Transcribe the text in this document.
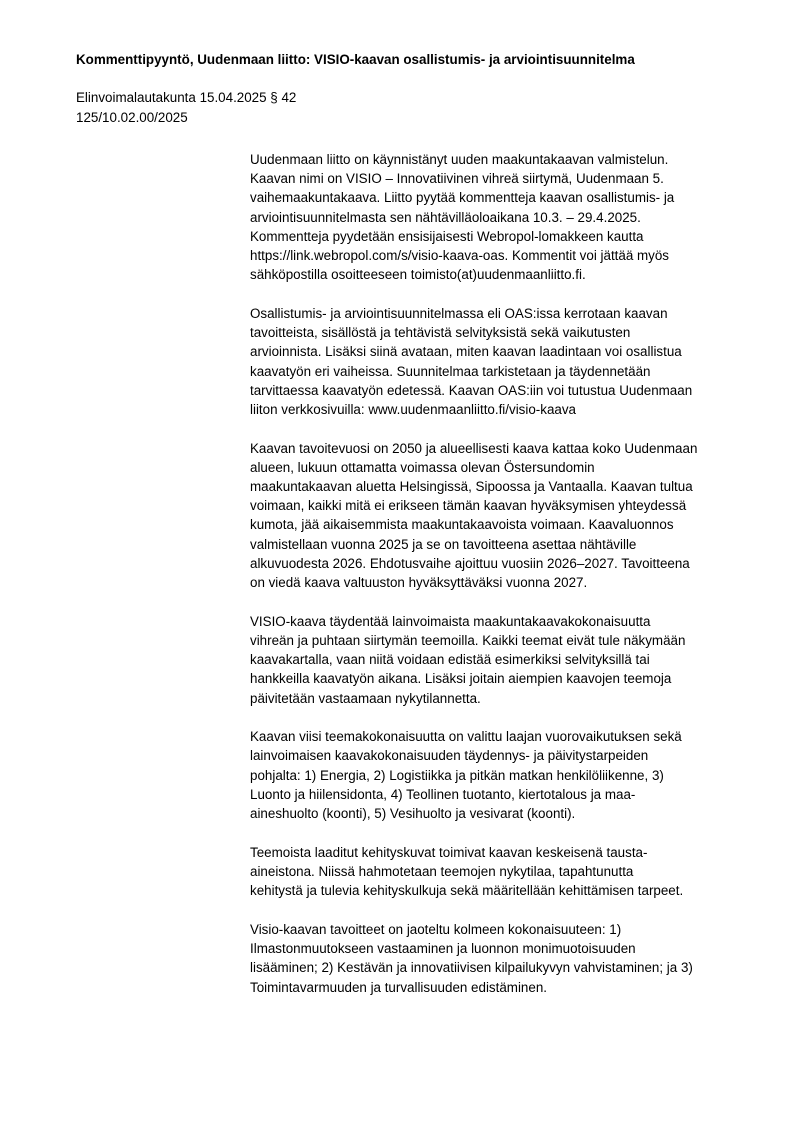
Kommenttipyyntö, Uudenmaan liitto: VISIO-kaavan osallistumis- ja arviointisuunnitelma
Elinvoimalautakunta 15.04.2025 § 42
125/10.02.00/2025

Uudenmaan liitto on käynnistänyt uuden maakuntakaavan valmistelun.
Kaavan nimi on VISIO – Innovatiivinen vihreä siirtymä, Uudenmaan 5.
vaihemaakuntakaava. Liitto pyytää kommentteja kaavan osallistumis- ja
arviointisuunnitelmasta sen nähtävilläoloaikana 10.3. – 29.4.2025.
Kommentteja pyydetään ensisijaisesti Webropol-lomakkeen kautta
https://link.webropol.com/s/visio-kaava-oas. Kommentit voi jättää myös
sähköpostilla osoitteeseen toimisto(at)uudenmaanliitto.fi.

Osallistumis- ja arviointisuunnitelmassa eli OAS:issa kerrotaan kaavan
tavoitteista, sisällöstä ja tehtävistä selvityksistä sekä vaikutusten
arvioinnista. Lisäksi siinä avataan, miten kaavan laadintaan voi osallistua
kaavatyön eri vaiheissa. Suunnitelmaa tarkistetaan ja täydennetään
tarvittaessa kaavatyön edetessä. Kaavan OAS:iin voi tutustua Uudenmaan
liiton verkkosivuilla: www.uudenmaanliitto.fi/visio-kaava

Kaavan tavoitevuosi on 2050 ja alueellisesti kaava kattaa koko Uudenmaan
alueen, lukuun ottamatta voimassa olevan Östersundomin
maakuntakaavan aluetta Helsingissä, Sipoossa ja Vantaalla. Kaavan tultua
voimaan, kaikki mitä ei erikseen tämän kaavan hyväksymisen yhteydessä
kumota, jää aikaisemmista maakuntakaavoista voimaan. Kaavaluonnos
valmistellaan vuonna 2025 ja se on tavoitteena asettaa nähtäville
alkuvuodesta 2026. Ehdotusvaihe ajoittuu vuosiin 2026–2027. Tavoitteena
on viedä kaava valtuuston hyväksyttäväksi vuonna 2027.

VISIO-kaava täydentää lainvoimaista maakuntakaavakokonaisuutta
vihreän ja puhtaan siirtymän teemoilla. Kaikki teemat eivät tule näkymään
kaavakartalla, vaan niitä voidaan edistää esimerkiksi selvityksillä tai
hankkeilla kaavatyön aikana. Lisäksi joitain aiempien kaavojen teemoja
päivitetään vastaamaan nykytilannetta.

Kaavan viisi teemakokonaisuutta on valittu laajan vuorovaikutuksen sekä
lainvoimaisen kaavakokonaisuuden täydennys- ja päivitystarpeiden
pohjalta: 1) Energia, 2) Logistiikka ja pitkän matkan henkilöliikenne, 3)
Luonto ja hiilensidonta, 4) Teollinen tuotanto, kiertotalous ja maa-
aineshuolto (koonti), 5) Vesihuolto ja vesivarat (koonti).

Teemoista laaditut kehityskuvat toimivat kaavan keskeisenä tausta-
aineistona. Niissä hahmotetaan teemojen nykytilaa, tapahtunutta
kehitystä ja tulevia kehityskulkuja sekä määritellään kehittämisen tarpeet.

Visio-kaavan tavoitteet on jaoteltu kolmeen kokonaisuuteen: 1)
Ilmastonmuutokseen vastaaminen ja luonnon monimuotoisuuden
lisääminen; 2) Kestävän ja innovatiivisen kilpailukyvyn vahvistaminen; ja 3)
Toimintavarmuuden ja turvallisuuden edistäminen.
